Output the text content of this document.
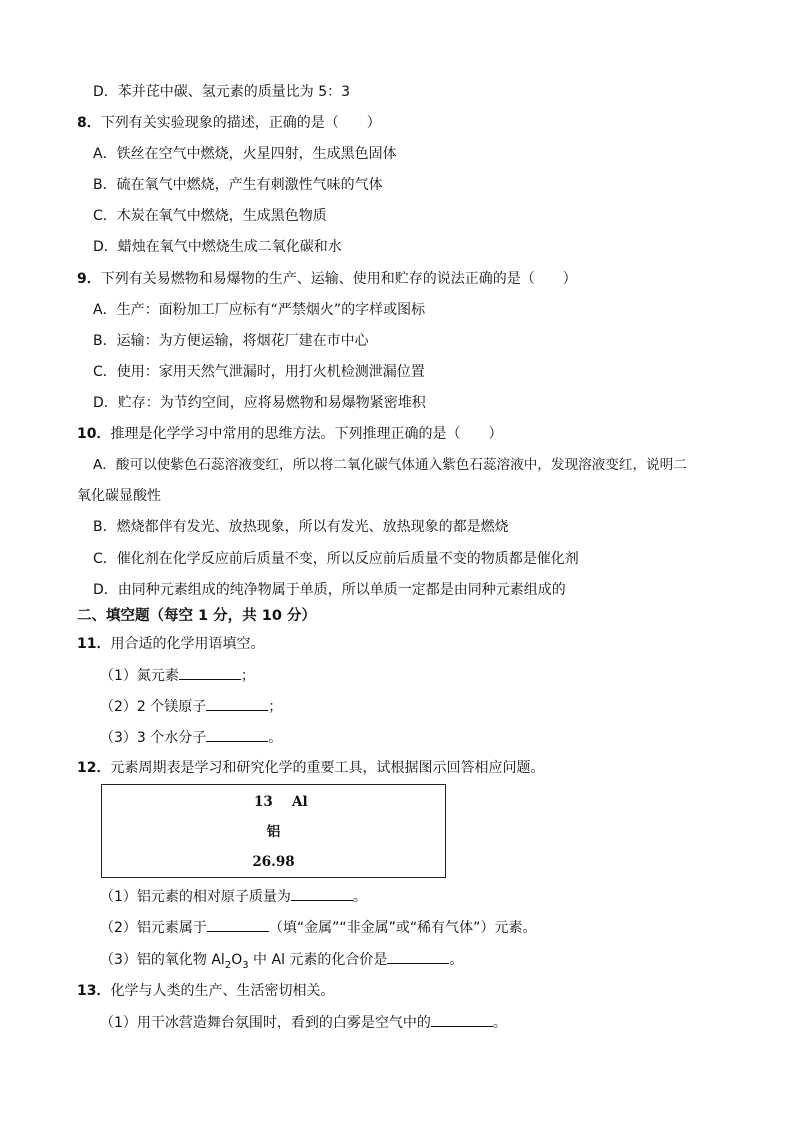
D．苯并芘中碳、氢元素的质量比为 5：3
8．下列有关实验现象的描述，正确的是（　　）
A．铁丝在空气中燃烧，火星四射，生成黑色固体
B．硫在氧气中燃烧，产生有刺激性气味的气体
C．木炭在氧气中燃烧，生成黑色物质
D．蜡烛在氧气中燃烧生成二氧化碳和水
9．下列有关易燃物和易爆物的生产、运输、使用和贮存的说法正确的是（　　）
A．生产：面粉加工厂应标有“严禁烟火”的字样或图标
B．运输：为方便运输，将烟花厂建在市中心
C．使用：家用天然气泄漏时，用打火机检测泄漏位置
D．贮存：为节约空间，应将易燃物和易爆物紧密堆积
10．推理是化学学习中常用的思维方法。下列推理正确的是（　　）
A．酸可以使紫色石蕊溶液变红，所以将二氧化碳气体通入紫色石蕊溶液中，发现溶液变红，说明二
氧化碳显酸性
B．燃烧都伴有发光、放热现象，所以有发光、放热现象的都是燃烧
C．催化剂在化学反应前后质量不变，所以反应前后质量不变的物质都是催化剂
D．由同种元素组成的纯净物属于单质，所以单质一定都是由同种元素组成的
二、填空题（每空 1 分，共 10 分）
11．用合适的化学用语填空。
（1）氮元素	；
（2）2 个镁原子	；
（3）3 个水分子	。
12．元素周期表是学习和研究化学的重要工具，试根据图示回答相应问题。
13 Al
铝
26.98
（1）铝元素的相对原子质量为	。
（2）铝元素属于	（填“金属”“非金属”或“稀有气体”）元素。
（3）铝的氧化物 $Al_2O_3$ 中 Al 元素的化合价是	。
13．化学与人类的生产、生活密切相关。
（1）用干冰营造舞台氛围时，看到的白雾是空气中的	。
